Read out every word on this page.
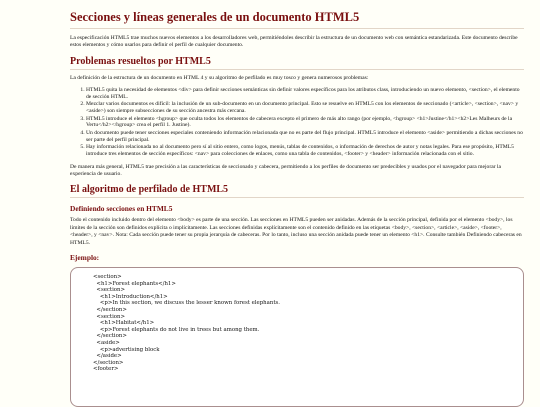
Secciones y líneas generales de un documento HTML5

La especificación HTML5 trae muchos nuevos elementos a los desarrolladores web, permitiéndoles describir la estructura de un documento web con semántica estandarizada. Este documento describe estos elementos y cómo usarlos para definir el perfil de cualquier documento.

Problemas resueltos por HTML5

La definición de la estructura de un documento en HTML 4 y su algoritmo de perfilado es muy tosco y genera numerosos problemas:

1. HTML5 quita la necesidad de elementos <div> para definir secciones semánticas sin definir valores específicos para los atributos class, introduciendo un nuevo elemento, <section>, el elemento de sección HTML.
2. Mezclar varios documentos es difícil: la inclusión de un sub-documento en un documento principal. Esto se resuelve en HTML5 con los elementos de seccionado (<article>, <section>, <nav> y <aside>) son siempre subsecciones de su sección ancestra más cercana.
3. HTML5 introduce el elemento <hgroup> que oculta todos los elementos de cabecera excepto el primero de más alto rango (por ejemplo, <hgroup> <h1>Justine</h1><h2>Les Malheurs de la Vertu</h2></hgroup> crea el perfil 1. Justine).
4. Un documento puede tener secciones especiales conteniendo información relacionada que no es parte del flujo principal. HTML5 introduce el elemento <aside> permitiendo a dichas secciones no ser parte del perfil principal.
5. Hay información relacionada no al documento pero sí al sitio entero, como logos, menús, tablas de contenidos, o información de derechos de autor y notas legales. Para ese propósito, HTML5 introduce tres elementos de sección específicos: <nav> para colecciones de enlaces, como una tabla de contenidos, <footer> y <header> información relacionada con el sitio.

De manera más general, HTML5 trae precisión a las características de seccionado y cabecera, permitiendo a los perfiles de documento ser predecibles y usados por el navegador para mejorar la experiencia de usuario.

El algoritmo de perfilado de HTML5
Definiendo secciones en HTML5

Todo el contenido incluido dentro del elemento <body> es parte de una sección. Las secciones en HTML5 pueden ser anidadas. Además de la sección principal, definida por el elemento <body>, los límites de la sección son definidos explícita o implícitamente. Las secciones definidas explícitamente son el contenido definido en las etiquetas <body>, <section>, <article>, <aside>, <footer>, <header>, y <nav>. Nota: Cada sección puede tener su propia jerarquía de cabeceras. Por lo tanto, incluso una sección anidada puede tener un elemento <h1>. Consulte también Definiendo cabeceras en HTML5.

Ejemplo:
<section>
<h1>Forest elephants</h1>
<section>
<h1>Introduction</h1>
<p>In this section, we discuss the lesser known forest elephants.
</section>
<section>
<h1>Habitat</h1>
<p>Forest elephants do not live in trees but among them.
</section>
<aside>
<p>advertising block
</aside>
</section>
<footer>
